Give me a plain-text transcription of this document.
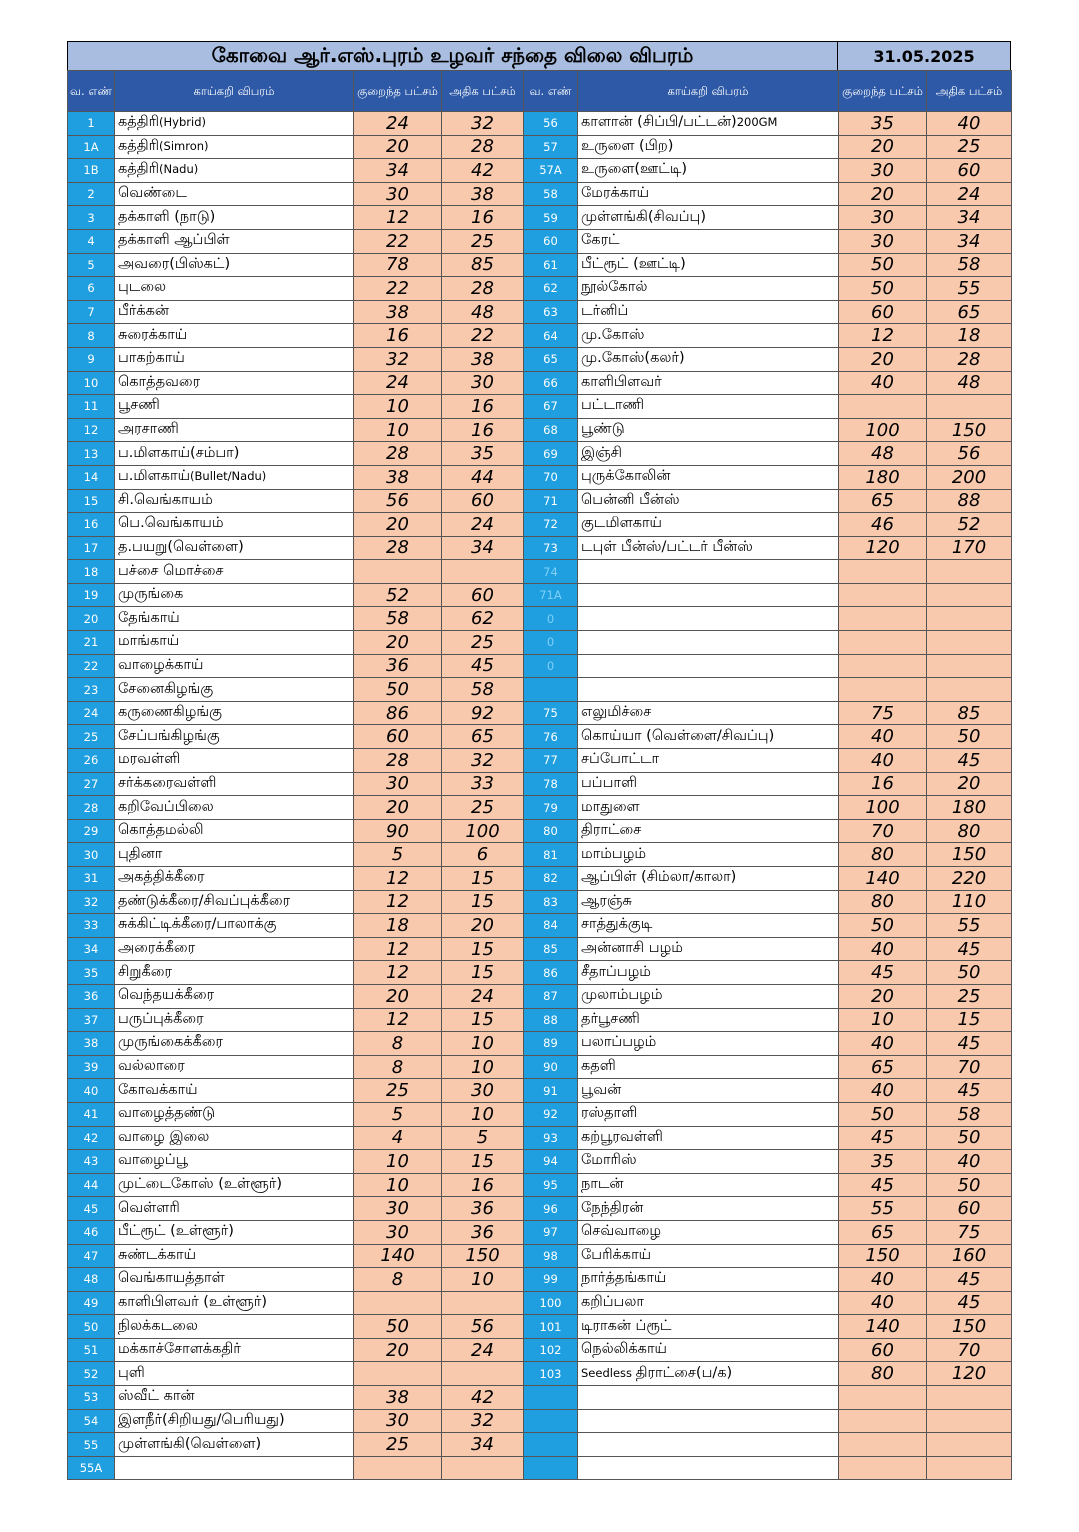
கோவை ஆர்.எஸ்.புரம் உழவர் சந்தை விலை விபரம்	31.05.2025
வ. எண்	காய்கறி விபரம்	குறைந்த பட்சம்	அதிக பட்சம்	வ. எண்	காய்கறி விபரம்	குறைந்த பட்சம்	அதிக பட்சம்
1	கத்திரி(Hybrid)	24	32	56	காளான் (சிப்பி/பட்டன்)200GM	35	40
1A	கத்திரி(Simron)	20	28	57	உருளை (பிற)	20	25
1B	கத்திரி(Nadu)	34	42	57A	உருளை(ஊட்டி)	30	60
2	வெண்டை	30	38	58	மேரக்காய்	20	24
3	தக்காளி (நாடு)	12	16	59	முள்ளங்கி(சிவப்பு)	30	34
4	தக்காளி ஆப்பிள்	22	25	60	கேரட்	30	34
5	அவரை(பிஸ்கட்)	78	85	61	பீட்ரூட் (ஊட்டி)	50	58
6	புடலை	22	28	62	நூல்கோல்	50	55
7	பீர்க்கன்	38	48	63	டர்னிப்	60	65
8	சுரைக்காய்	16	22	64	மு.கோஸ்	12	18
9	பாகற்காய்	32	38	65	மு.கோஸ்(கலர்)	20	28
10	கொத்தவரை	24	30	66	காளிபிளவர்	40	48
11	பூசணி	10	16	67	பட்டாணி		
12	அரசாணி	10	16	68	பூண்டு	100	150
13	ப.மிளகாய்(சம்பா)	28	35	69	இஞ்சி	48	56
14	ப.மிளகாய்(Bullet/Nadu)	38	44	70	புருக்கோலின்	180	200
15	சி.வெங்காயம்	56	60	71	பென்னி பீன்ஸ்	65	88
16	பெ.வெங்காயம்	20	24	72	குடமிளகாய்	46	52
17	த.பயறு(வெள்ளை)	28	34	73	டபுள் பீன்ஸ்/பட்டர் பீன்ஸ்	120	170
18	பச்சை மொச்சை			74			
19	முருங்கை	52	60	71A			
20	தேங்காய்	58	62	0			
21	மாங்காய்	20	25	0			
22	வாழைக்காய்	36	45	0			
23	சேனைகிழங்கு	50	58				
24	கருணைகிழங்கு	86	92	75	எலுமிச்சை	75	85
25	சேப்பங்கிழங்கு	60	65	76	கொய்யா (வெள்ளை/சிவப்பு)	40	50
26	மரவள்ளி	28	32	77	சப்போட்டா	40	45
27	சர்க்கரைவள்ளி	30	33	78	பப்பாளி	16	20
28	கறிவேப்பிலை	20	25	79	மாதுளை	100	180
29	கொத்தமல்லி	90	100	80	திராட்சை	70	80
30	புதினா	5	6	81	மாம்பழம்	80	150
31	அகத்திக்கீரை	12	15	82	ஆப்பிள் (சிம்லா/காலா)	140	220
32	தண்டுக்கீரை/சிவப்புக்கீரை	12	15	83	ஆரஞ்சு	80	110
33	சுக்கிட்டிக்கீரை/பாலாக்கு	18	20	84	சாத்துக்குடி	50	55
34	அரைக்கீரை	12	15	85	அன்னாசி பழம்	40	45
35	சிறுகீரை	12	15	86	சீதாப்பழம்	45	50
36	வெந்தயக்கீரை	20	24	87	முலாம்பழம்	20	25
37	பருப்புக்கீரை	12	15	88	தர்பூசணி	10	15
38	முருங்கைக்கீரை	8	10	89	பலாப்பழம்	40	45
39	வல்லாரை	8	10	90	கதளி	65	70
40	கோவக்காய்	25	30	91	பூவன்	40	45
41	வாழைத்தண்டு	5	10	92	ரஸ்தாளி	50	58
42	வாழை இலை	4	5	93	கற்பூரவள்ளி	45	50
43	வாழைப்பூ	10	15	94	மோரிஸ்	35	40
44	முட்டைகோஸ் (உள்ளூர்)	10	16	95	நாடன்	45	50
45	வெள்ளரி	30	36	96	நேந்திரன்	55	60
46	பீட்ரூட் (உள்ளூர்)	30	36	97	செவ்வாழை	65	75
47	சுண்டக்காய்	140	150	98	பேரிக்காய்	150	160
48	வெங்காயத்தாள்	8	10	99	நார்த்தங்காய்	40	45
49	காளிபிளவர் (உள்ளூர்)			100	கறிப்பலா	40	45
50	நிலக்கடலை	50	56	101	டிராகன் ப்ரூட்	140	150
51	மக்காச்சோளக்கதிர்	20	24	102	நெல்லிக்காய்	60	70
52	புளி			103	Seedless திராட்சை(ப/க)	80	120
53	ஸ்வீட் கான்	38	42				
54	இளநீர்(சிறியது/பெரியது)	30	32				
55	முள்ளங்கி(வெள்ளை)	25	34				
55A							
